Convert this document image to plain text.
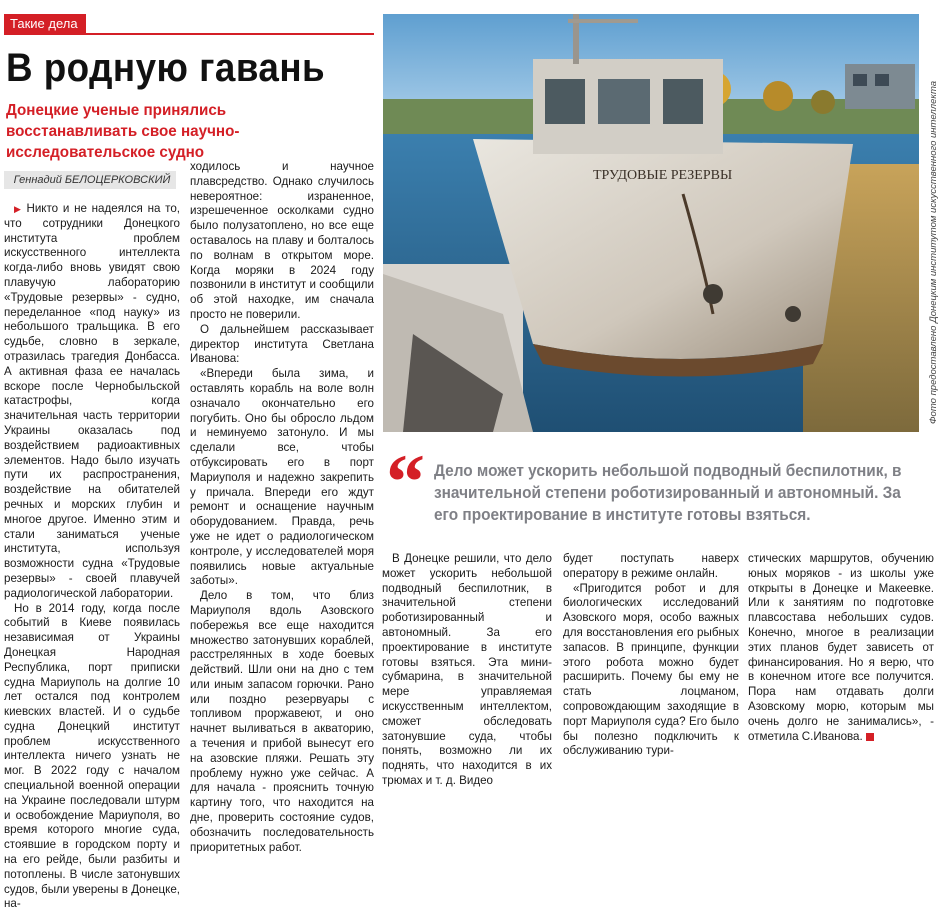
Такие дела
В родную гавань
Донецкие ученые принялись восстанавливать свое научно-исследовательское судно
Геннадий БЕЛОЦЕРКОВСКИЙ

▶ Никто и не надеялся на то, что сотрудники Донецкого института проблем искусственного интеллекта когда-либо вновь увидят свою плавучую лабораторию «Трудовые резервы» - судно, переделанное «под науку» из небольшого тральщика. В его судьбе, словно в зеркале, отразилась трагедия Донбасса. А активная фаза ее началась вскоре после Чернобыльской катастрофы, когда значительная часть территории Украины оказалась под воздействием радиоактивных элементов. Надо было изучать пути их распространения, воздействие на обитателей речных и морских глубин и многое другое. Именно этим и стали заниматься ученые института, используя возможности судна «Трудовые резервы» - своей плавучей радиологической лаборатории.

Но в 2014 году, когда после событий в Киеве появилась независимая от Украины Донецкая Народная Республика, порт приписки судна Мариуполь на долгие 10 лет остался под контролем киевских властей. И о судьбе судна Донецкий институт проблем искусственного интеллекта ничего узнать не мог. В 2022 году с началом специальной военной операции на Украине последовали штурм и освобождение Мариуполя, во время которого многие суда, стоявшие в городском порту и на его рейде, были разбиты и потоплены. В числе затонувших судов, были уверены в Донецке, на-

ходилось и научное плавсредство. Однако случилось невероятное: израненное, изрешеченное осколками судно было полузатоплено, но все еще оставалось на плаву и болталось по волнам в открытом море. Когда моряки в 2024 году позвонили в институт и сообщили об этой находке, им сначала просто не поверили.

О дальнейшем рассказывает директор института Светлана Иванова:

«Впереди была зима, и оставлять корабль на воле волн означало окончательно его погубить. Оно бы обросло льдом и неминуемо затонуло. И мы сделали все, чтобы отбуксировать его в порт Мариуполя и надежно закрепить у причала. Впереди его ждут ремонт и оснащение научным оборудованием. Правда, речь уже не идет о радиологическом контроле, у исследователей моря появились новые актуальные заботы».

Дело в том, что близ Мариуполя вдоль Азовского побережья все еще находится множество затонувших кораблей, расстрелянных в ходе боевых действий. Шли они на дно с тем или иным запасом горючки. Рано или поздно резервуары с топливом проржавеют, и оно начнет выливаться в акваторию, а течения и прибой вынесут его на азовские пляжи. Решать эту проблему нужно уже сейчас. А для начала - прояснить точную картину того, что находится на дне, проверить состояние судов, обозначить последовательность приоритетных работ.

ТРУДОВЫЕ РЕЗЕРВЫ	Фото предоставлено Донецким институтом искусственного интеллекта
“ Дело может ускорить небольшой подводный беспилотник, в значительной степени роботизированный и автономный. За его проектирование в институте готовы взяться.

В Донецке решили, что дело может ускорить небольшой подводный беспилотник, в значительной степени роботизированный и автономный. За его проектирование в институте готовы взяться. Эта мини-субмарина, в значительной мере управляемая искусственным интеллектом, сможет обследовать затонувшие суда, чтобы понять, возможно ли их поднять, что находится в их трюмах и т. д. Видео

будет поступать наверх оператору в режиме онлайн.

«Пригодится робот и для биологических исследований Азовского моря, особо важных для восстановления его рыбных запасов. В принципе, функции этого робота можно будет расширить. Почему бы ему не стать лоцманом, сопровождающим заходящие в порт Мариуполя суда? Его было бы полезно подключить к обслуживанию тури-

стических маршрутов, обучению юных моряков - из школы уже открыты в Донецке и Макеевке. Или к занятиям по подготовке плавсостава небольших судов. Конечно, многое в реализации этих планов будет зависеть от финансирования. Но я верю, что в конечном итоге все получится. Пора нам отдавать долги Азовскому морю, которым мы очень долго не занимались», - отметила С.Иванова.
